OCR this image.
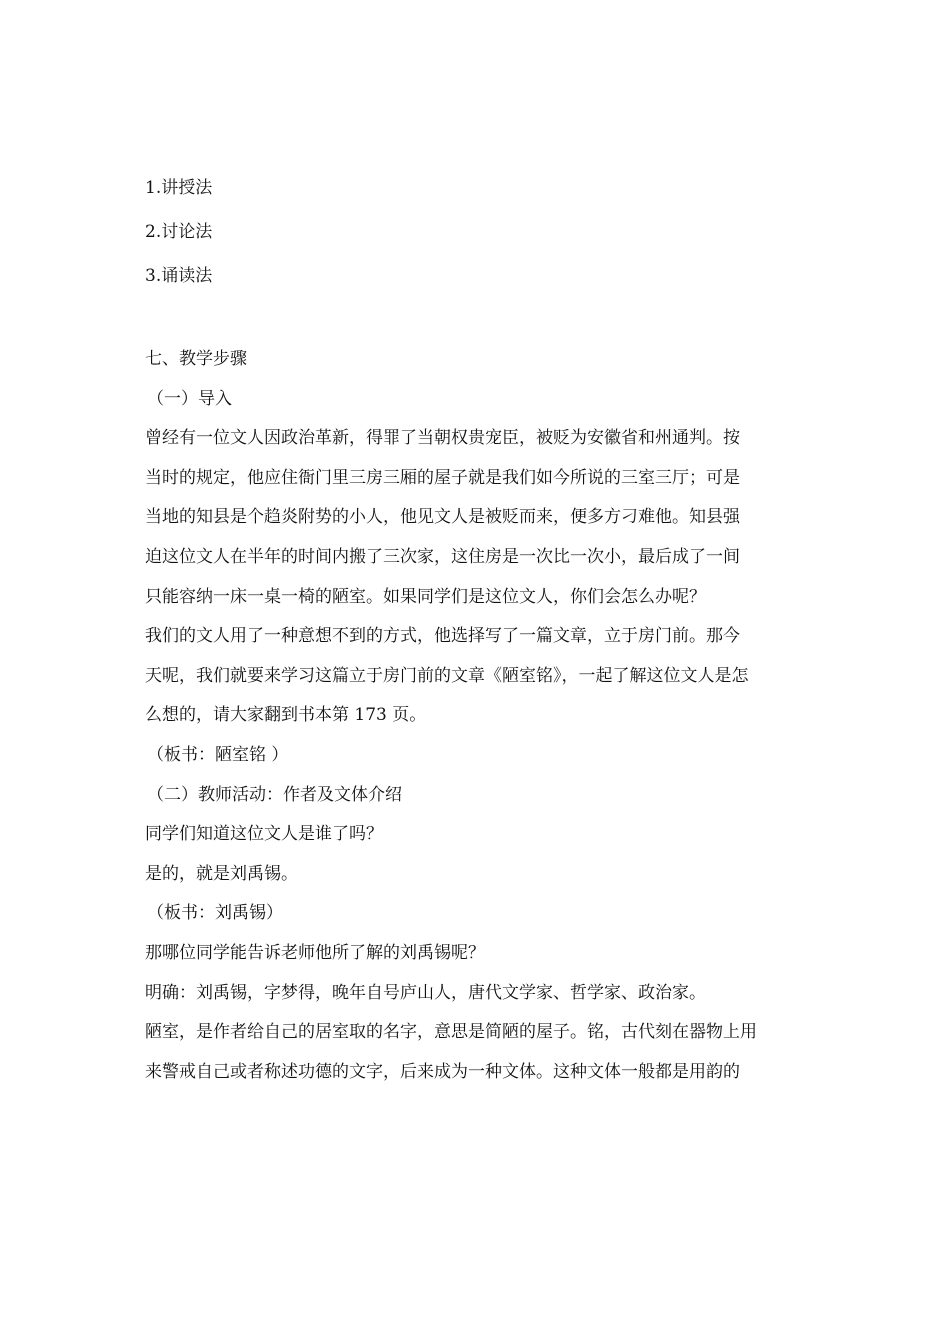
1.讲授法
2.讨论法
3.诵读法
七、教学步骤
（一）导入
曾经有一位文人因政治革新，得罪了当朝权贵宠臣，被贬为安徽省和州通判。按
当时的规定，他应住衙门里三房三厢的屋子就是我们如今所说的三室三厅；可是
当地的知县是个趋炎附势的小人，他见文人是被贬而来，便多方刁难他。知县强
迫这位文人在半年的时间内搬了三次家，这住房是一次比一次小，最后成了一间
只能容纳一床一桌一椅的陋室。如果同学们是这位文人，你们会怎么办呢？
我们的文人用了一种意想不到的方式，他选择写了一篇文章，立于房门前。那今
天呢，我们就要来学习这篇立于房门前的文章《陋室铭》，一起了解这位文人是怎
么想的，请大家翻到书本第 173 页。
（板书：陋室铭 ）
（二）教师活动：作者及文体介绍
同学们知道这位文人是谁了吗？
是的，就是刘禹锡。
（板书：刘禹锡）
那哪位同学能告诉老师他所了解的刘禹锡呢？
明确：刘禹锡，字梦得，晚年自号庐山人，唐代文学家、哲学家、政治家。
陋室，是作者给自己的居室取的名字，意思是简陋的屋子。铭，古代刻在器物上用
来警戒自己或者称述功德的文字，后来成为一种文体。这种文体一般都是用韵的
